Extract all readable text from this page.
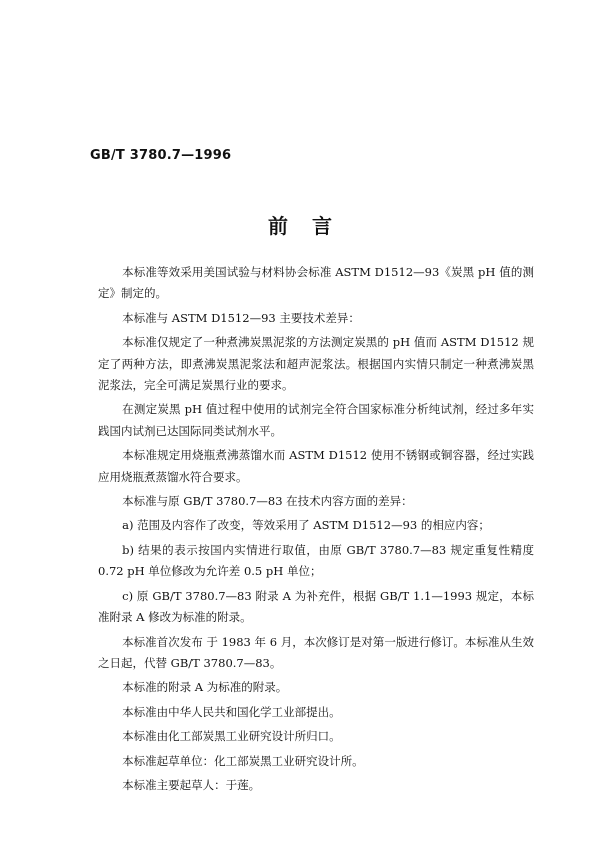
GB/T 3780.7—1996
前言

本标准等效采用美国试验与材料协会标准 ASTM D1512—93《炭黑 pH 值的测定》制定的。

本标准与 ASTM D1512—93 主要技术差异：

本标准仅规定了一种煮沸炭黑泥浆的方法测定炭黑的 pH 值而 ASTM D1512 规定了两种方法，即煮沸炭黑泥浆法和超声泥浆法。根据国内实情只制定一种煮沸炭黑泥浆法，完全可满足炭黑行业的要求。

在测定炭黑 pH 值过程中使用的试剂完全符合国家标准分析纯试剂，经过多年实践国内试剂已达国际同类试剂水平。

本标准规定用烧瓶煮沸蒸馏水而 ASTM D1512 使用不锈钢或铜容器，经过实践应用烧瓶煮蒸馏水符合要求。

本标准与原 GB/T 3780.7—83 在技术内容方面的差异：

a) 范围及内容作了改变，等效采用了 ASTM D1512—93 的相应内容；

b) 结果的表示按国内实情进行取值，由原 GB/T 3780.7—83 规定重复性精度 0.72 pH 单位修改为允许差 0.5 pH 单位；

c) 原 GB/T 3780.7—83 附录 A 为补充件，根据 GB/T 1.1—1993 规定，本标准附录 A 修改为标准的附录。

本标准首次发布 于 1983 年 6 月，本次修订是对第一版进行修订。本标准从生效之日起，代替 GB/T 3780.7—83。

本标准的附录 A 为标准的附录。

本标准由中华人民共和国化学工业部提出。

本标准由化工部炭黑工业研究设计所归口。

本标准起草单位：化工部炭黑工业研究设计所。

本标准主要起草人：于莲。
